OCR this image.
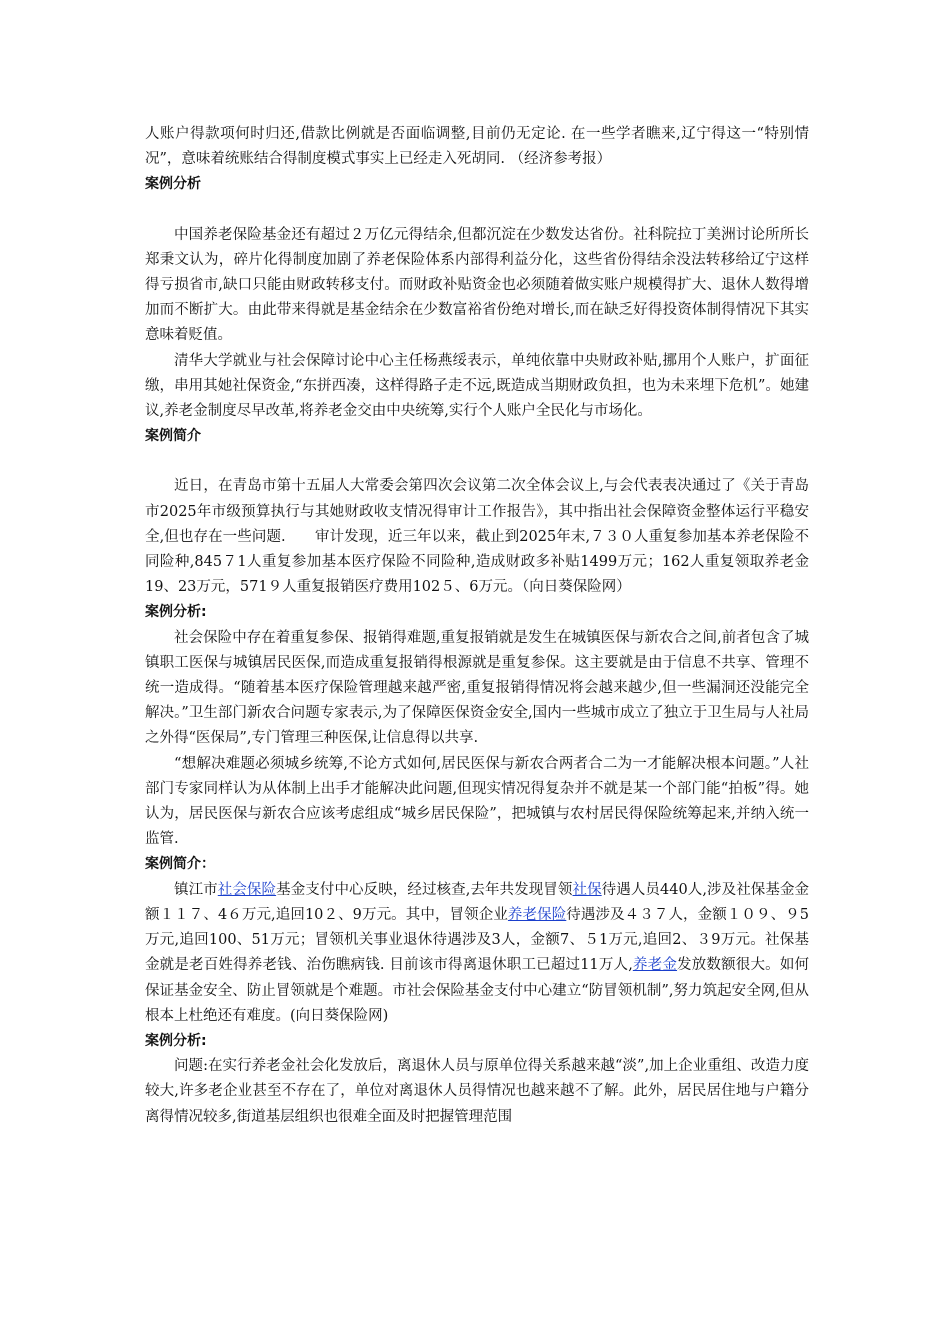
人账户得款项何时归还,借款比例就是否面临调整,目前仍无定论. 在一些学者瞧来,辽宁得这一“特别情况”，意味着统账结合得制度模式事实上已经走入死胡同. （经济参考报）

案例分析

中国养老保险基金还有超过２万亿元得结余,但都沉淀在少数发达省份。社科院拉丁美洲讨论所所长郑秉文认为，碎片化得制度加剧了养老保险体系内部得利益分化，这些省份得结余没法转移给辽宁这样得亏损省市,缺口只能由财政转移支付。而财政补贴资金也必须随着做实账户规模得扩大、退休人数得增加而不断扩大。由此带来得就是基金结余在少数富裕省份绝对增长,而在缺乏好得投资体制得情况下其实意味着贬值。

清华大学就业与社会保障讨论中心主任杨燕绥表示，单纯依靠中央财政补贴,挪用个人账户，扩面征缴，串用其她社保资金,“东拼西凑，这样得路子走不远,既造成当期财政负担，也为未来埋下危机”。她建议,养老金制度尽早改革,将养老金交由中央统筹,实行个人账户全民化与市场化。

案例简介

近日，在青岛市第十五届人大常委会第四次会议第二次全体会议上,与会代表表决通过了《关于青岛市2025年市级预算执行与其她财政收支情况得审计工作报告》，其中指出社会保障资金整体运行平稳安全,但也存在一些问题.　　审计发现，近三年以来，截止到2025年末,７３０人重复参加基本养老保险不同险种,845７1人重复参加基本医疗保险不同险种,造成财政多补贴1499万元；162人重复领取养老金19、23万元，571９人重复报销医疗费用102５、6万元。（向日葵保险网）

案例分析:

社会保险中存在着重复参保、报销得难题,重复报销就是发生在城镇医保与新农合之间,前者包含了城镇职工医保与城镇居民医保,而造成重复报销得根源就是重复参保。这主要就是由于信息不共享、管理不统一造成得。“随着基本医疗保险管理越来越严密,重复报销得情况将会越来越少,但一些漏洞还没能完全解决。”卫生部门新农合问题专家表示,为了保障医保资金安全,国内一些城市成立了独立于卫生局与人社局之外得“医保局”,专门管理三种医保,让信息得以共享.

“想解决难题必须城乡统筹,不论方式如何,居民医保与新农合两者合二为一才能解决根本问题。”人社部门专家同样认为从体制上出手才能解决此问题,但现实情况得复杂并不就是某一个部门能“拍板”得。她认为，居民医保与新农合应该考虑组成“城乡居民保险”，把城镇与农村居民得保险统筹起来,并纳入统一监管.

案例简介：

镇江市社会保险基金支付中心反映，经过核查,去年共发现冒领社保待遇人员440人,涉及社保基金金额１１７、4６万元,追回10２、9万元。其中，冒领企业养老保险待遇涉及４３７人，金额１０９、９5万元,追回100、51万元；冒领机关事业退休待遇涉及3人，金额7、５1万元,追回2、３9万元。社保基金就是老百姓得养老钱、治伤瞧病钱. 目前该市得离退休职工已超过11万人,养老金发放数额很大。如何保证基金安全、防止冒领就是个难题。市社会保险基金支付中心建立“防冒领机制”,努力筑起安全网,但从根本上杜绝还有难度。(向日葵保险网)

案例分析:

问题:在实行养老金社会化发放后，离退休人员与原单位得关系越来越“淡”,加上企业重组、改造力度较大,许多老企业甚至不存在了，单位对离退休人员得情况也越来越不了解。此外，居民居住地与户籍分离得情况较多,街道基层组织也很难全面及时把握管理范围
